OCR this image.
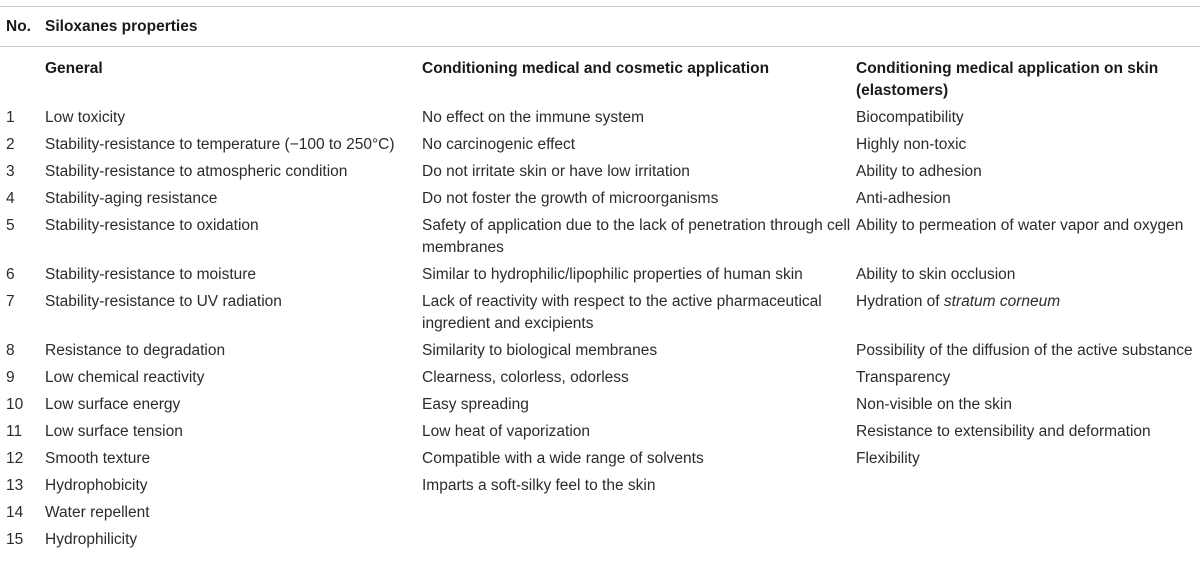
No.	Siloxanes properties		
	General	Conditioning medical and cosmetic application	Conditioning medical application on skin (elastomers)
1	Low toxicity	No effect on the immune system	Biocompatibility
2	Stability-resistance to temperature (−100 to 250°C)	No carcinogenic effect	Highly non-toxic
3	Stability-resistance to atmospheric condition	Do not irritate skin or have low irritation	Ability to adhesion
4	Stability-aging resistance	Do not foster the growth of microorganisms	Anti-adhesion
5	Stability-resistance to oxidation	Safety of application due to the lack of penetration through cell membranes	Ability to permeation of water vapor and oxygen
6	Stability-resistance to moisture	Similar to hydrophilic/lipophilic properties of human skin	Ability to skin occlusion
7	Stability-resistance to UV radiation	Lack of reactivity with respect to the active pharmaceutical ingredient and excipients	Hydration of stratum corneum
8	Resistance to degradation	Similarity to biological membranes	Possibility of the diffusion of the active substance
9	Low chemical reactivity	Clearness, colorless, odorless	Transparency
10	Low surface energy	Easy spreading	Non-visible on the skin
11	Low surface tension	Low heat of vaporization	Resistance to extensibility and deformation
12	Smooth texture	Compatible with a wide range of solvents	Flexibility
13	Hydrophobicity	Imparts a soft-silky feel to the skin	
14	Water repellent		
15	Hydrophilicity		
